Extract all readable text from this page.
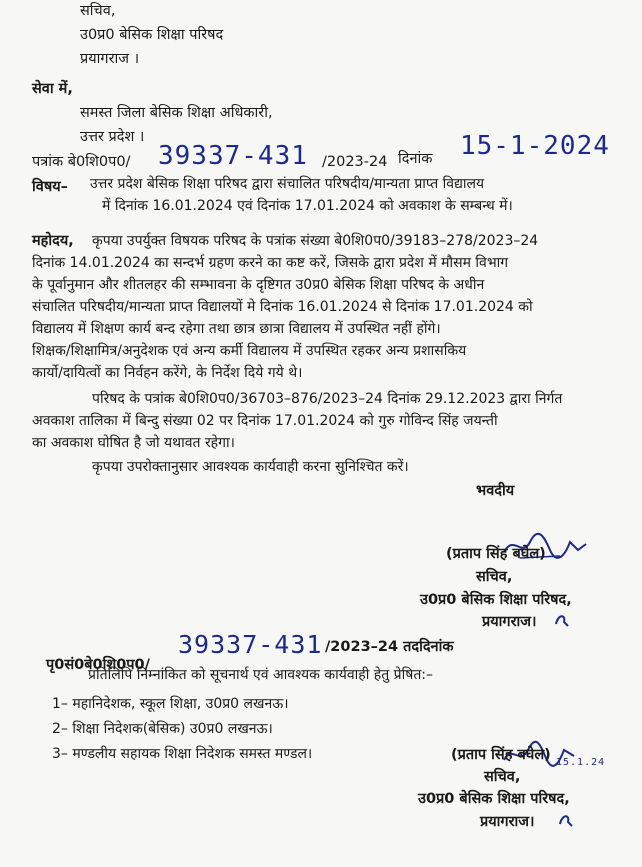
सचिव,
उ0प्र0 बेसिक शिक्षा परिषद
प्रयागराज ।
सेवा में,
समस्त जिला बेसिक शिक्षा अधिकारी,
उत्तर प्रदेश ।
पत्रांक बे0शि0प0/ 39337-431 /2023-24 दिनांक 15-1-2024
विषय– उत्तर प्रदेश बेसिक शिक्षा परिषद द्वारा संचालित परिषदीय/मान्यता प्राप्त विद्यालय
में दिनांक 16.01.2024 एवं दिनांक 17.01.2024 को अवकाश के सम्बन्ध में।
महोदय, कृपया उपर्युक्त विषयक परिषद के पत्रांक संख्या बे0शि0प0/39183–278/2023–24
दिनांक 14.01.2024 का सन्दर्भ ग्रहण करने का कष्ट करें, जिसके द्वारा प्रदेश में मौसम विभाग
के पूर्वानुमान और शीतलहर की सम्भावना के दृष्टिगत उ0प्र0 बेसिक शिक्षा परिषद के अधीन
संचालित परिषदीय/मान्यता प्राप्त विद्यालयों मे दिनांक 16.01.2024 से दिनांक 17.01.2024 को
विद्यालय में शिक्षण कार्य बन्द रहेगा तथा छात्र छात्रा विद्यालय में उपस्थित नहीं होंगे।
शिक्षक/शिक्षामित्र/अनुदेशक एवं अन्य कर्मी विद्यालय में उपस्थित रहकर अन्य प्रशासकिय
कार्यो/दायित्वों का निर्वहन करेंगे, के निर्देश दिये गये थे।
परिषद के पत्रांक बे0शि0प0/36703–876/2023–24 दिनांक 29.12.2023 द्वारा निर्गत
अवकाश तालिका में बिन्दु संख्या 02 पर दिनांक 17.01.2024 को गुरु गोविन्द सिंह जयन्ती
का अवकाश घोषित है जो यथावत रहेगा।
कृपया उपरोक्तानुसार आवश्यक कार्यवाही करना सुनिश्चित करें।
भवदीय
(प्रताप सिंह बघेल)
सचिव,
उ0प्र0 बेसिक शिक्षा परिषद,
प्रयागराज।
पृ0सं0बे0शि0प0/
39337-431 /2023–24 तददिनांक
प्रतिलिपि निम्नांकित को सूचनार्थ एवं आवश्यक कार्यवाही हेतु प्रेषित:–
1– महानिदेशक, स्कूल शिक्षा, उ0प्र0 लखनऊ।
2– शिक्षा निदेशक(बेसिक) उ0प्र0 लखनऊ।
3– मण्डलीय सहायक शिक्षा निदेशक समस्त मण्डल।
15.1.24
(प्रताप सिंह बघेल)
सचिव,
उ0प्र0 बेसिक शिक्षा परिषद,
प्रयागराज।
